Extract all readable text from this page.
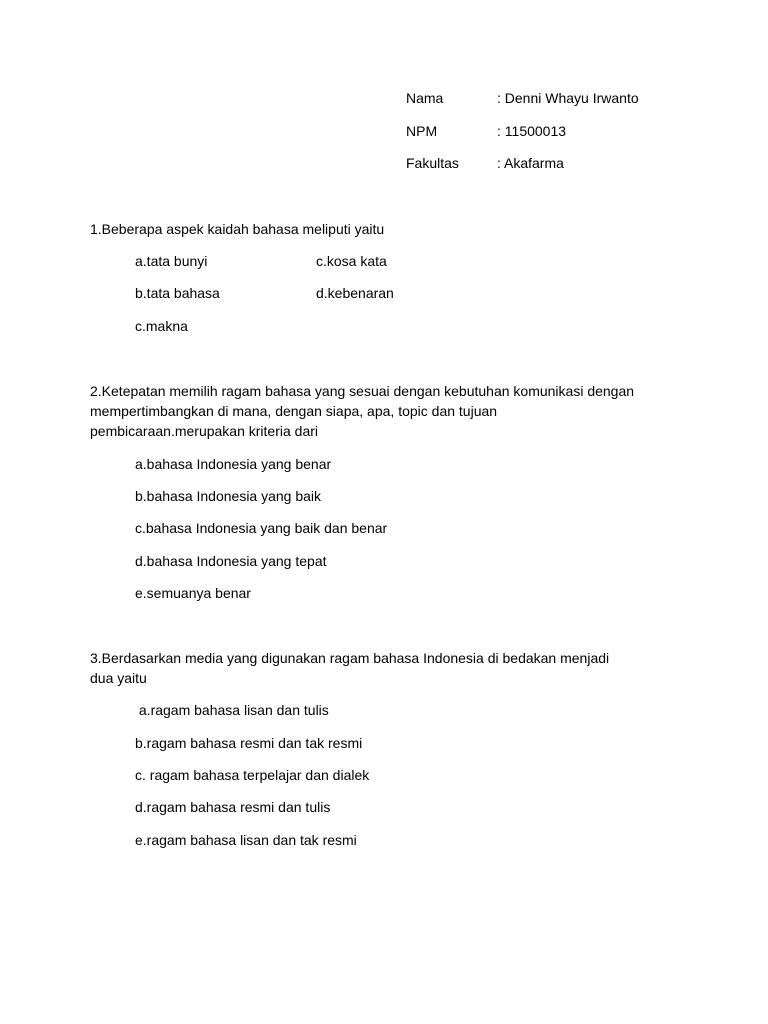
Nama	: Denni Whayu Irwanto
NPM	: 11500013
Fakultas	: Akafarma
1.Beberapa aspek kaidah bahasa meliputi yaitu
a.tata bunyi	c.kosa kata
b.tata bahasa	d.kebenaran
c.makna
2.Ketepatan memilih ragam bahasa yang sesuai dengan kebutuhan komunikasi dengan
mempertimbangkan di mana, dengan siapa, apa, topic dan tujuan
pembicaraan.merupakan kriteria dari
a.bahasa Indonesia yang benar
b.bahasa Indonesia yang baik
c.bahasa Indonesia yang baik dan benar
d.bahasa Indonesia yang tepat
e.semuanya benar
3.Berdasarkan media yang digunakan ragam bahasa Indonesia di bedakan menjadi
dua yaitu
a.ragam bahasa lisan dan tulis
b.ragam bahasa resmi dan tak resmi
c. ragam bahasa terpelajar dan dialek
d.ragam bahasa resmi dan tulis
e.ragam bahasa lisan dan tak resmi
